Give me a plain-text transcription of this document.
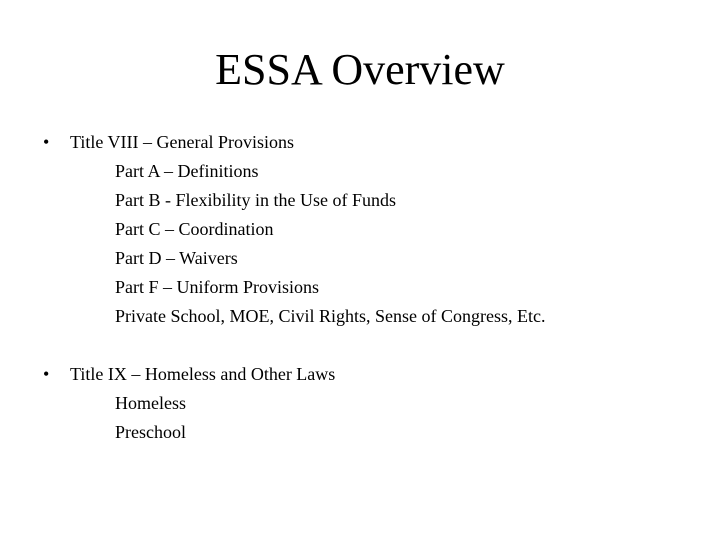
ESSA Overview
• Title VIII – General Provisions
Part A – Definitions
Part B - Flexibility in the Use of Funds
Part C – Coordination
Part D – Waivers
Part F – Uniform Provisions
Private School, MOE, Civil Rights, Sense of Congress, Etc.
• Title IX – Homeless and Other Laws
Homeless
Preschool
